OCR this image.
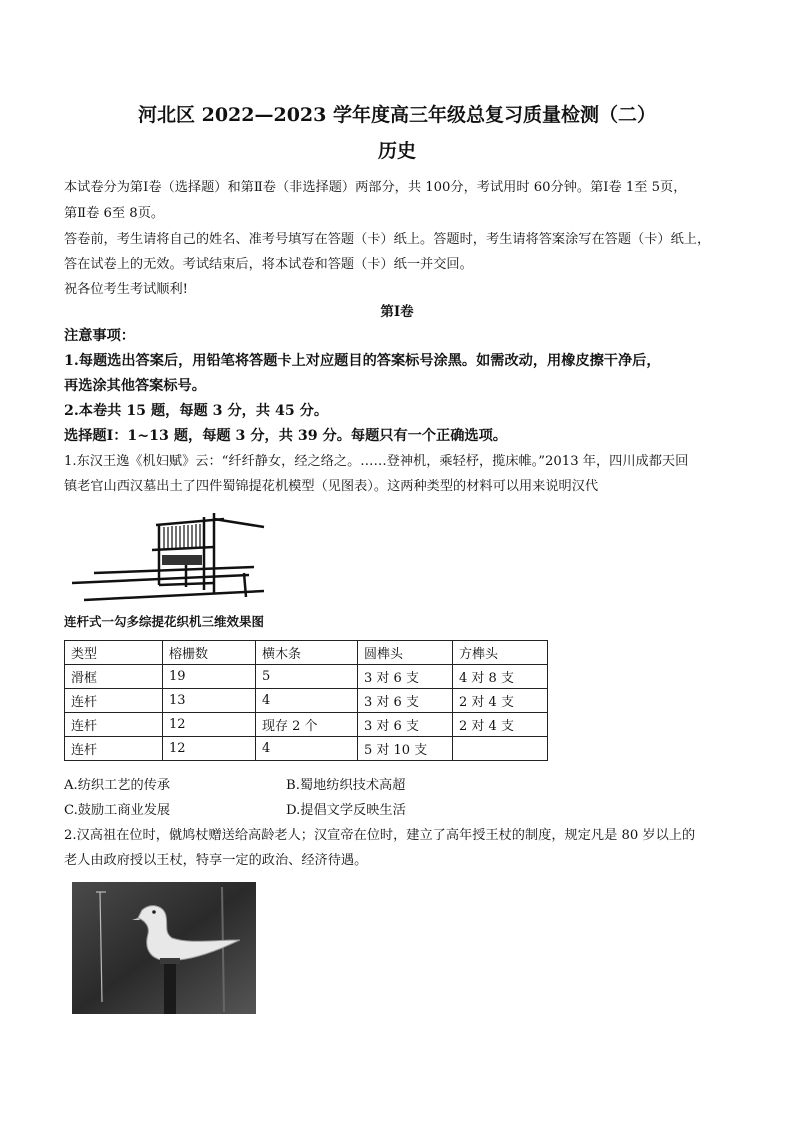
河北区 2022—2023 学年度高三年级总复习质量检测（二）
历史
本试卷分为第Ⅰ卷（选择题）和第Ⅱ卷（非选择题）两部分，共 100分，考试用时 60分钟。第Ⅰ卷 1至 5页，
第Ⅱ卷 6至 8页。
答卷前，考生请将自己的姓名、准考号填写在答题（卡）纸上。答题时，考生请将答案涂写在答题（卡）纸上，
答在试卷上的无效。考试结束后，将本试卷和答题（卡）纸一并交回。
祝各位考生考试顺利!
第Ⅰ卷
注意事项：
1.每题选出答案后，用铅笔将答题卡上对应题目的答案标号涂黑。如需改动，用橡皮擦干净后，
再选涂其他答案标号。
2.本卷共 15 题，每题 3 分，共 45 分。
选择题Ⅰ：1~13 题，每题 3 分，共 39 分。每题只有一个正确选项。
1.东汉王逸《机妇赋》云：“纤纤静女，经之络之。……登神机，乘轻杼，揽床帷。”2013 年，四川成都天回
镇老官山西汉墓出土了四件蜀锦提花机模型（见图表）。这两种类型的材料可以用来说明汉代
连杆式一勾多综提花织机三维效果图
类型	榕栅数	横木条	圆榫头	方榫头
滑框	19	5	3 对 6 支	4 对 8 支
连杆	13	4	3 对 6 支	2 对 4 支
连杆	12	现存 2 个	3 对 6 支	2 对 4 支
连杆	12	4	5 对 10 支	
A.纺织工艺的传承	B.蜀地纺织技术高超
C.鼓励工商业发展	D.提倡文学反映生活
2.汉高祖在位时，僦鸠杖赠送给高龄老人；汉宣帝在位时，建立了高年授王杖的制度，规定凡是 80 岁以上的
老人由政府授以王杖，特享一定的政治、经济待遇。
